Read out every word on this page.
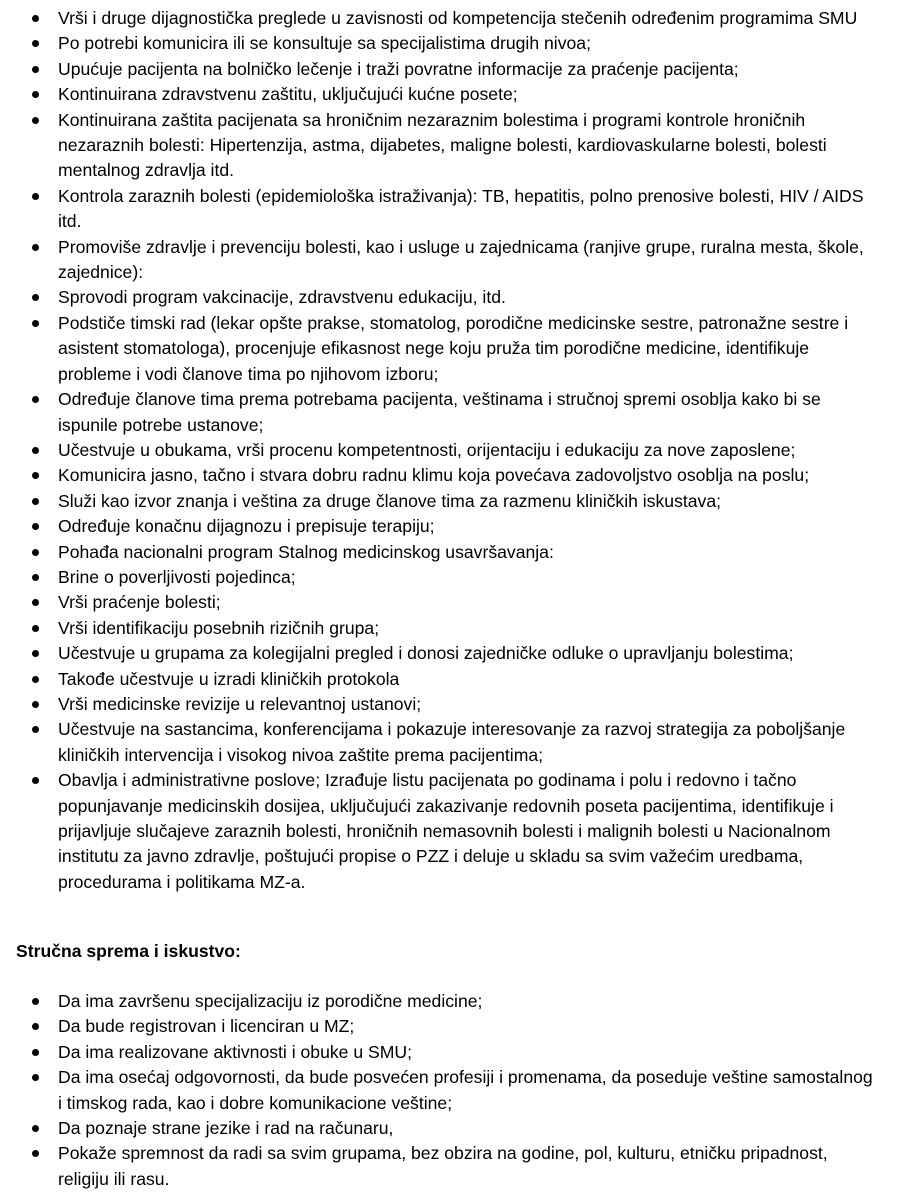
Vrši i druge dijagnostička preglede u zavisnosti od kompetencija stečenih određenim programima SMU
Po potrebi komunicira ili se konsultuje sa specijalistima drugih nivoa;
Upućuje pacijenta na bolničko lečenje i traži povratne informacije za praćenje pacijenta;
Kontinuirana zdravstvenu zaštitu, uključujući kućne posete;
Kontinuirana zaštita pacijenata sa hroničnim nezaraznim bolestima i programi kontrole hroničnih nezaraznih bolesti: Hipertenzija, astma, dijabetes, maligne bolesti, kardiovaskularne bolesti, bolesti mentalnog zdravlja itd.
Kontrola zaraznih bolesti (epidemiološka istraživanja): TB, hepatitis, polno prenosive bolesti, HIV / AIDS itd.
Promoviše zdravlje i prevenciju bolesti, kao i usluge u zajednicama (ranjive grupe, ruralna mesta, škole, zajednice):
Sprovodi program vakcinacije, zdravstvenu edukaciju, itd.
Podstiče timski rad (lekar opšte prakse, stomatolog, porodične medicinske sestre, patronažne sestre i asistent stomatologa), procenjuje efikasnost nege koju pruža tim porodične medicine, identifikuje probleme i vodi članove tima po njihovom izboru;
Određuje članove tima prema potrebama pacijenta, veštinama i stručnoj spremi osoblja kako bi se ispunile potrebe ustanove;
Učestvuje u obukama, vrši procenu kompetentnosti, orijentaciju i edukaciju za nove zaposlene;
Komunicira jasno, tačno i stvara dobru radnu klimu koja povećava zadovoljstvo osoblja na poslu;
Služi kao izvor znanja i veština za druge članove tima za razmenu kliničkih iskustava;
Određuje konačnu dijagnozu i prepisuje terapiju;
Pohađa nacionalni program Stalnog medicinskog usavršavanja:
Brine o poverljivosti pojedinca;
Vrši praćenje bolesti;
Vrši identifikaciju posebnih rizičnih grupa;
Učestvuje u grupama za kolegijalni pregled i donosi zajedničke odluke o upravljanju bolestima;
Takođe učestvuje u izradi kliničkih protokola
Vrši medicinske revizije u relevantnoj ustanovi;
Učestvuje na sastancima, konferencijama i pokazuje interesovanje za razvoj strategija za poboljšanje kliničkih intervencija i visokog nivoa zaštite prema pacijentima;
Obavlja i administrativne poslove; Izrađuje listu pacijenata po godinama i polu i redovno i tačno popunjavanje medicinskih dosijea, uključujući zakazivanje redovnih poseta pacijentima, identifikuje i prijavljuje slučajeve zaraznih bolesti, hroničnih nemasovnih bolesti i malignih bolesti u Nacionalnom institutu za javno zdravlje, poštujući propise o PZZ i deluje u skladu sa svim važećim uredbama, procedurama i politikama MZ-a.

Stručna sprema i iskustvo:

Da ima završenu specijalizaciju iz porodične medicine;
Da bude registrovan i licenciran u MZ;
Da ima realizovane aktivnosti i obuke u SMU;
Da ima osećaj odgovornosti, da bude posvećen profesiji i promenama, da poseduje veštine samostalnog i timskog rada, kao i dobre komunikacione veštine;
Da poznaje strane jezike i rad na računaru,
Pokaže spremnost da radi sa svim grupama, bez obzira na godine, pol, kulturu, etničku pripadnost, religiju ili rasu.
